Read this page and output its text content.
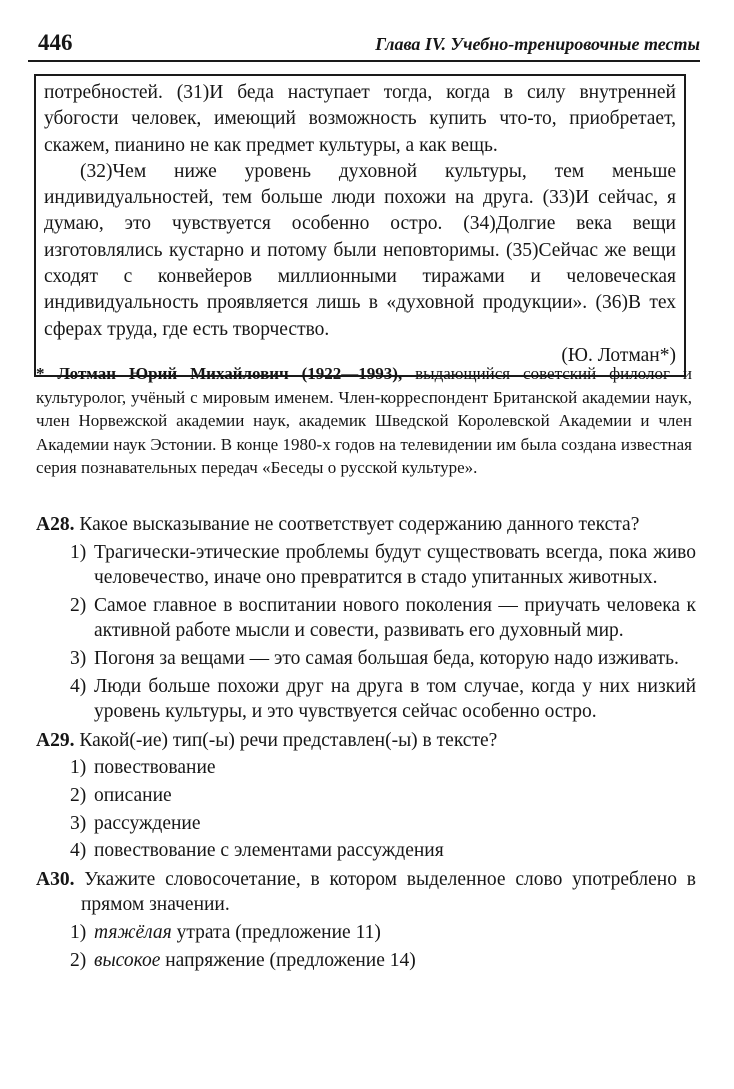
446	Глава IV. Учебно-тренировочные тесты

потребностей. (31)И беда наступает тогда, когда в силу внутренней убогости человек, имеющий возможность купить что-то, приобретает, скажем, пианино не как предмет культуры, а как вещь.

(32)Чем ниже уровень духовной культуры, тем меньше индивидуальностей, тем больше люди похожи на друга. (33)И сейчас, я думаю, это чувствуется особенно остро. (34)Долгие века вещи изготовлялись кустарно и потому были неповторимы. (35)Сейчас же вещи сходят с конвейеров миллионными тиражами и человеческая индивидуальность проявляется лишь в «духовной продукции». (36)В тех сферах труда, где есть творчество.

(Ю. Лотман*)

* Лотман Юрий Михайлович (1922—1993), выдающийся советский филолог и культуролог, учёный с мировым именем. Член-корреспондент Британской академии наук, член Норвежской академии наук, академик Шведской Королевской Академии и член Академии наук Эстонии. В конце 1980-х годов на телевидении им была создана известная серия познавательных передач «Беседы о русской культуре».

А28. Какое высказывание не соответствует содержанию данного текста?

1) Трагически-этические проблемы будут существовать всегда, пока живо человечество, иначе оно превратится в стадо упитанных животных.
2) Самое главное в воспитании нового поколения — приучать человека к активной работе мысли и совести, развивать его духовный мир.
3) Погоня за вещами — это самая большая беда, которую надо изживать.
4) Люди больше похожи друг на друга в том случае, когда у них низкий уровень культуры, и это чувствуется сейчас особенно остро.

А29. Какой(-ие) тип(-ы) речи представлен(-ы) в тексте?

1) повествование
2) описание
3) рассуждение
4) повествование с элементами рассуждения

А30. Укажите словосочетание, в котором выделенное слово употреблено в прямом значении.

1) тяжёлая утрата (предложение 11)
2) высокое напряжение (предложение 14)
